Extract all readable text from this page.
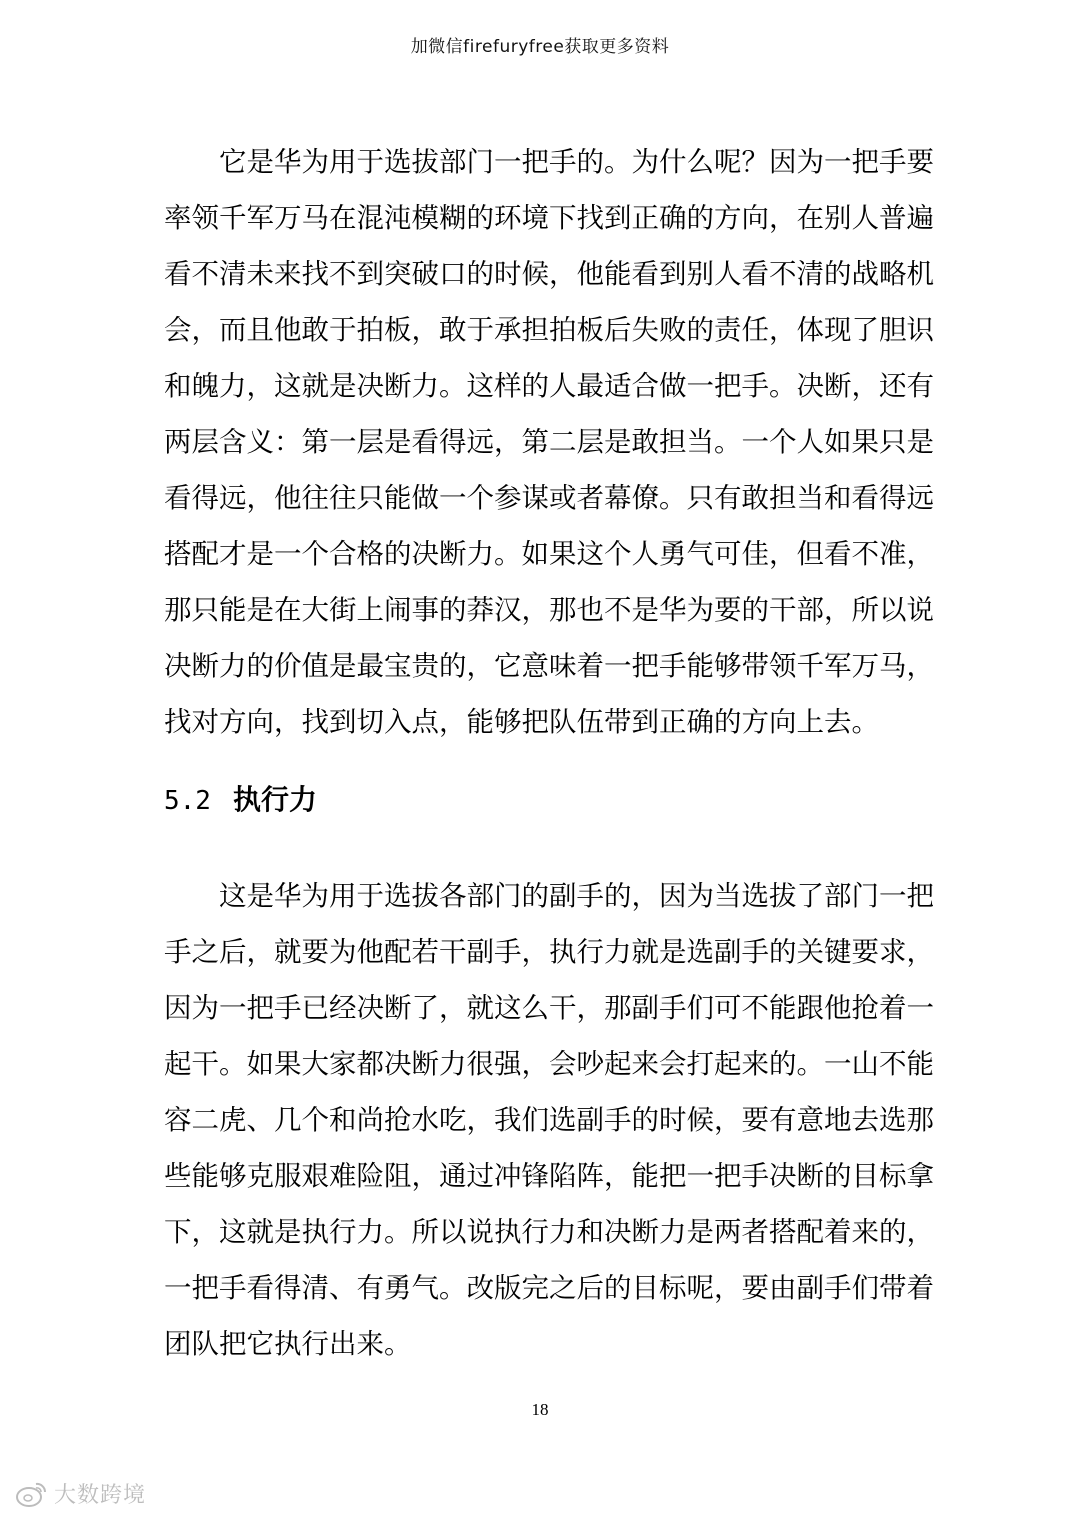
加微信firefuryfree获取更多资料
它是华为用于选拔部门一把手的。为什么呢？因为一把手要
率领千军万马在混沌模糊的环境下找到正确的方向，在别人普遍
看不清未来找不到突破口的时候，他能看到别人看不清的战略机
会，而且他敢于拍板，敢于承担拍板后失败的责任，体现了胆识
和魄力，这就是决断力。这样的人最适合做一把手。决断，还有
两层含义：第一层是看得远，第二层是敢担当。一个人如果只是
看得远，他往往只能做一个参谋或者幕僚。只有敢担当和看得远
搭配才是一个合格的决断力。如果这个人勇气可佳，但看不准，
那只能是在大街上闹事的莽汉，那也不是华为要的干部，所以说
决断力的价值是最宝贵的，它意味着一把手能够带领千军万马，
找对方向，找到切入点，能够把队伍带到正确的方向上去。
5.2 执行力
这是华为用于选拔各部门的副手的，因为当选拔了部门一把
手之后，就要为他配若干副手，执行力就是选副手的关键要求，
因为一把手已经决断了，就这么干，那副手们可不能跟他抢着一
起干。如果大家都决断力很强，会吵起来会打起来的。一山不能
容二虎、几个和尚抢水吃，我们选副手的时候，要有意地去选那
些能够克服艰难险阻，通过冲锋陷阵，能把一把手决断的目标拿
下，这就是执行力。所以说执行力和决断力是两者搭配着来的，
一把手看得清、有勇气。改版完之后的目标呢，要由副手们带着
团队把它执行出来。
18
大数跨境
